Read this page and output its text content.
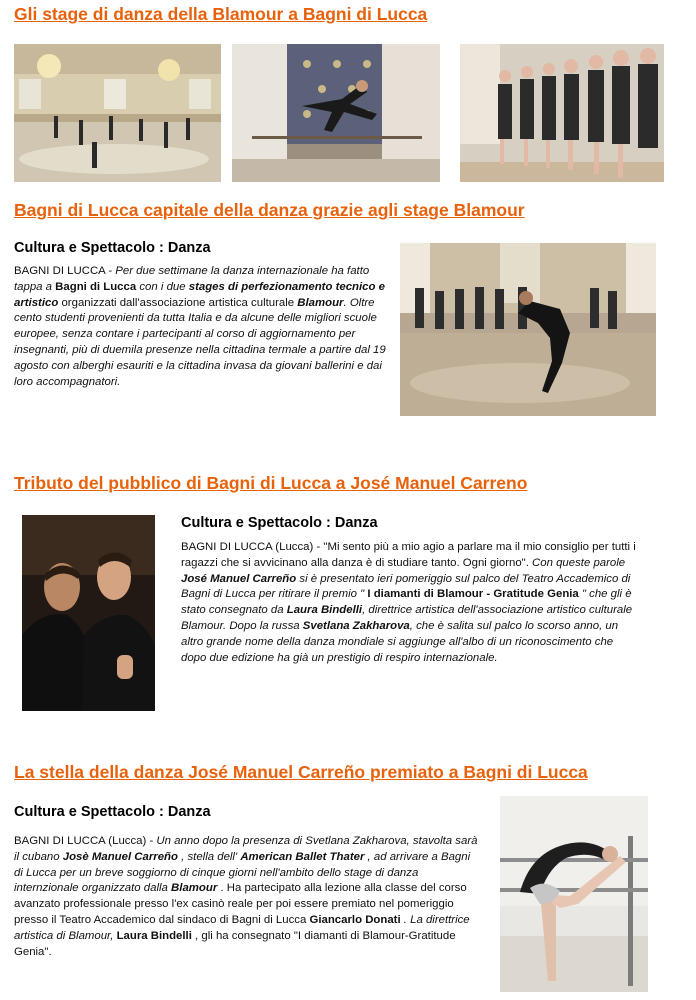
Gli stage di danza della Blamour a Bagni di Lucca
Bagni di Lucca capitale della danza grazie agli stage Blamour
Cultura e Spettacolo : Danza
BAGNI DI LUCCA - Per due settimane la danza internazionale ha fatto tappa a Bagni di Lucca con i due stages di perfezionamento tecnico e artistico organizzati dall'associazione artistica culturale Blamour. Oltre cento studenti provenienti da tutta Italia e da alcune delle migliori scuole europee, senza contare i partecipanti al corso di aggiornamento per insegnanti, più di duemila presenze nella cittadina termale a partire dal 19 agosto con alberghi esauriti e la cittadina invasa da giovani ballerini e dai loro accompagnatori.
Tributo del pubblico di Bagni di Lucca a José Manuel Carreno
Cultura e Spettacolo : Danza
BAGNI DI LUCCA (Lucca) - "Mi sento più a mio agio a parlare ma il mio consiglio per tutti i ragazzi che si avvicinano alla danza è di studiare tanto. Ogni giorno". Con queste parole José Manuel Carreño si è presentato ieri pomeriggio sul palco del Teatro Accademico di Bagni di Lucca per ritirare il premio " I diamanti di Blamour - Gratitude Genia " che gli è stato consegnato da Laura Bindelli, direttrice artistica dell'associazione artistico culturale Blamour. Dopo la russa Svetlana Zakharova, che è salita sul palco lo scorso anno, un altro grande nome della danza mondiale si aggiunge all'albo di un riconoscimento che dopo due edizione ha già un prestigio di respiro internazionale.
La stella della danza José Manuel Carreño premiato a Bagni di Lucca
Cultura e Spettacolo : Danza
BAGNI DI LUCCA (Lucca) - Un anno dopo la presenza di Svetlana Zakharova, stavolta sarà il cubano Josè Manuel Carreño , stella dell' American Ballet Thater , ad arrivare a Bagni di Lucca per un breve soggiorno di cinque giorni nell'ambito dello stage di danza internzionale organizzato dalla Blamour . Ha partecipato alla lezione alla classe del corso avanzato professionale presso l'ex casinò reale per poi essere premiato nel pomeriggio presso il Teatro Accademico dal sindaco di Bagni di Lucca Giancarlo Donati . La direttrice artistica di Blamour, Laura Bindelli , gli ha consegnato "I diamanti di Blamour-Gratitude Genia".
